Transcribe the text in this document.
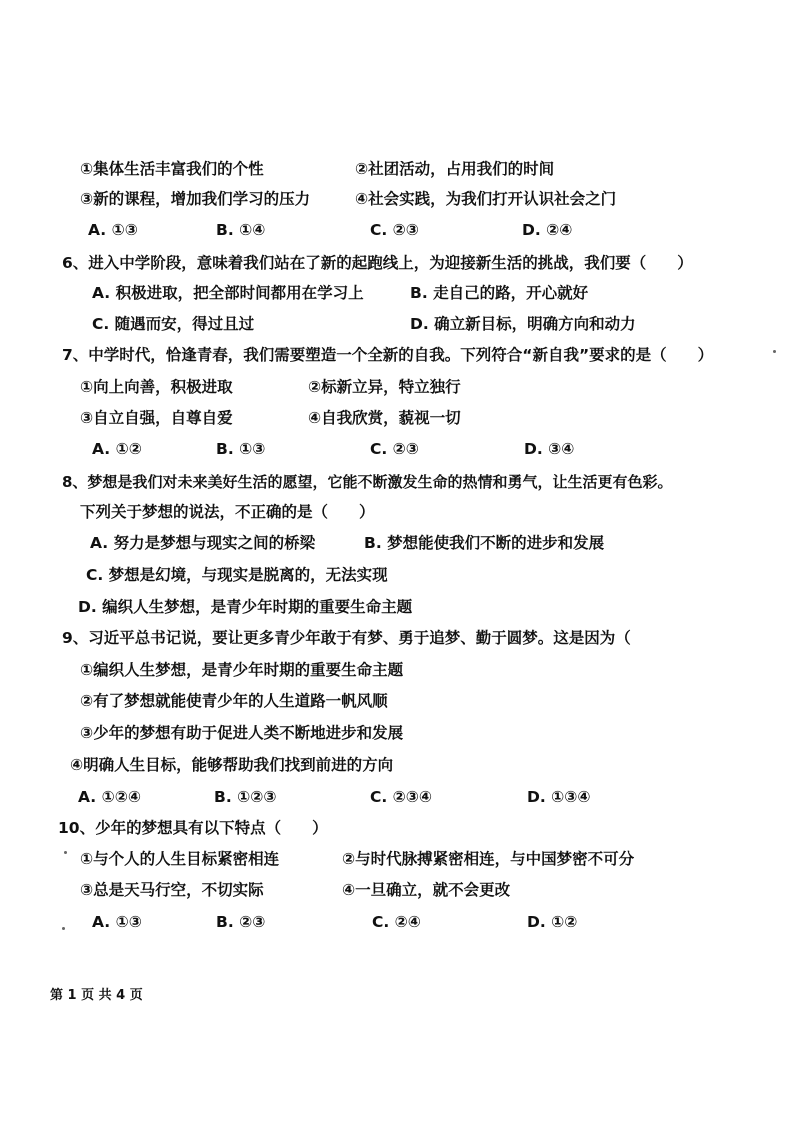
①集体生活丰富我们的个性	②社团活动，占用我们的时间
③新的课程，增加我们学习的压力	④社会实践，为我们打开认识社会之门
A. ①③	B. ①④	C. ②③	D. ②④
6、进入中学阶段，意味着我们站在了新的起跑线上，为迎接新生活的挑战，我们要（　　）
A. 积极进取，把全部时间都用在学习上	B. 走自己的路，开心就好
C. 随遇而安，得过且过	D. 确立新目标，明确方向和动力
7、中学时代，恰逢青春，我们需要塑造一个全新的自我。下列符合“新自我”要求的是（　　）
①向上向善，积极进取	②标新立异，特立独行
③自立自强，自尊自爱	④自我欣赏，藐视一切
A. ①②	B. ①③	C. ②③	D. ③④
8、梦想是我们对未来美好生活的愿望，它能不断激发生命的热情和勇气，让生活更有色彩。
下列关于梦想的说法，不正确的是（　　）
A. 努力是梦想与现实之间的桥梁	B. 梦想能使我们不断的进步和发展
C. 梦想是幻境，与现实是脱离的，无法实现
D. 编织人生梦想，是青少年时期的重要生命主题
9、习近平总书记说，要让更多青少年敢于有梦、勇于追梦、勤于圆梦。这是因为（
①编织人生梦想，是青少年时期的重要生命主题
②有了梦想就能使青少年的人生道路一帆风顺
③少年的梦想有助于促进人类不断地进步和发展
④明确人生目标，能够帮助我们找到前进的方向
A. ①②④	B. ①②③	C. ②③④	D. ①③④
10、少年的梦想具有以下特点（　　）
①与个人的人生目标紧密相连	②与时代脉搏紧密相连，与中国梦密不可分
③总是天马行空，不切实际	④一旦确立，就不会更改
A. ①③	B. ②③	C. ②④	D. ①②
第 1 页 共 4 页
